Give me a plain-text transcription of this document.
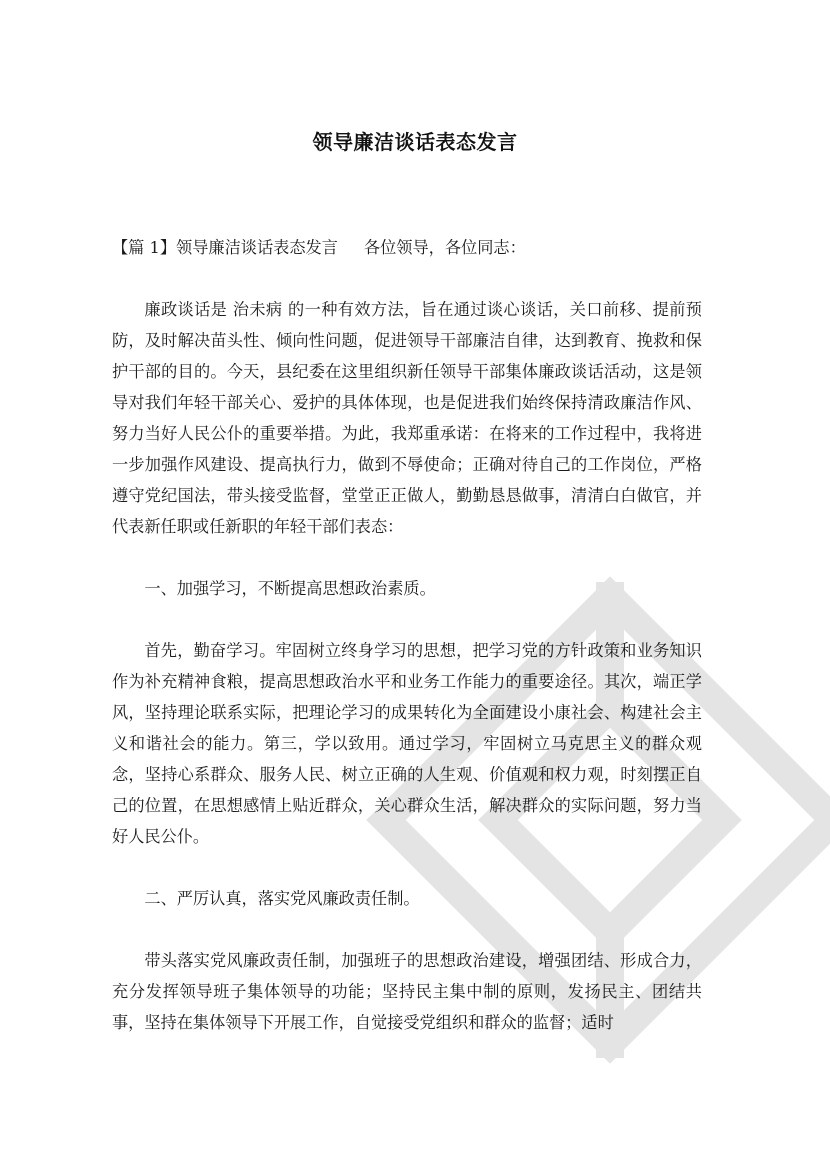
领导廉洁谈话表态发言

【篇 1】领导廉洁谈话表态发言 各位领导，各位同志：

廉政谈话是 治未病 的一种有效方法，旨在通过谈心谈话，关口前移、提前预防，及时解决苗头性、倾向性问题，促进领导干部廉洁自律，达到教育、挽救和保护干部的目的。今天，县纪委在这里组织新任领导干部集体廉政谈话活动，这是领导对我们年轻干部关心、爱护的具体体现，也是促进我们始终保持清政廉洁作风、努力当好人民公仆的重要举措。为此，我郑重承诺：在将来的工作过程中，我将进一步加强作风建设、提高执行力，做到不辱使命；正确对待自己的工作岗位，严格遵守党纪国法，带头接受监督，堂堂正正做人，勤勤恳恳做事，清清白白做官，并代表新任职或任新职的年轻干部们表态：

一、加强学习，不断提高思想政治素质。

首先，勤奋学习。牢固树立终身学习的思想，把学习党的方针政策和业务知识作为补充精神食粮，提高思想政治水平和业务工作能力的重要途径。其次，端正学风，坚持理论联系实际，把理论学习的成果转化为全面建设小康社会、构建社会主义和谐社会的能力。第三，学以致用。通过学习，牢固树立马克思主义的群众观念，坚持心系群众、服务人民、树立正确的人生观、价值观和权力观，时刻摆正自己的位置，在思想感情上贴近群众，关心群众生活，解决群众的实际问题，努力当好人民公仆。

二、严厉认真，落实党风廉政责任制。

带头落实党风廉政责任制，加强班子的思想政治建设，增强团结、形成合力，充分发挥领导班子集体领导的功能；坚持民主集中制的原则，发扬民主、团结共事，坚持在集体领导下开展工作，自觉接受党组织和群众的监督；适时
